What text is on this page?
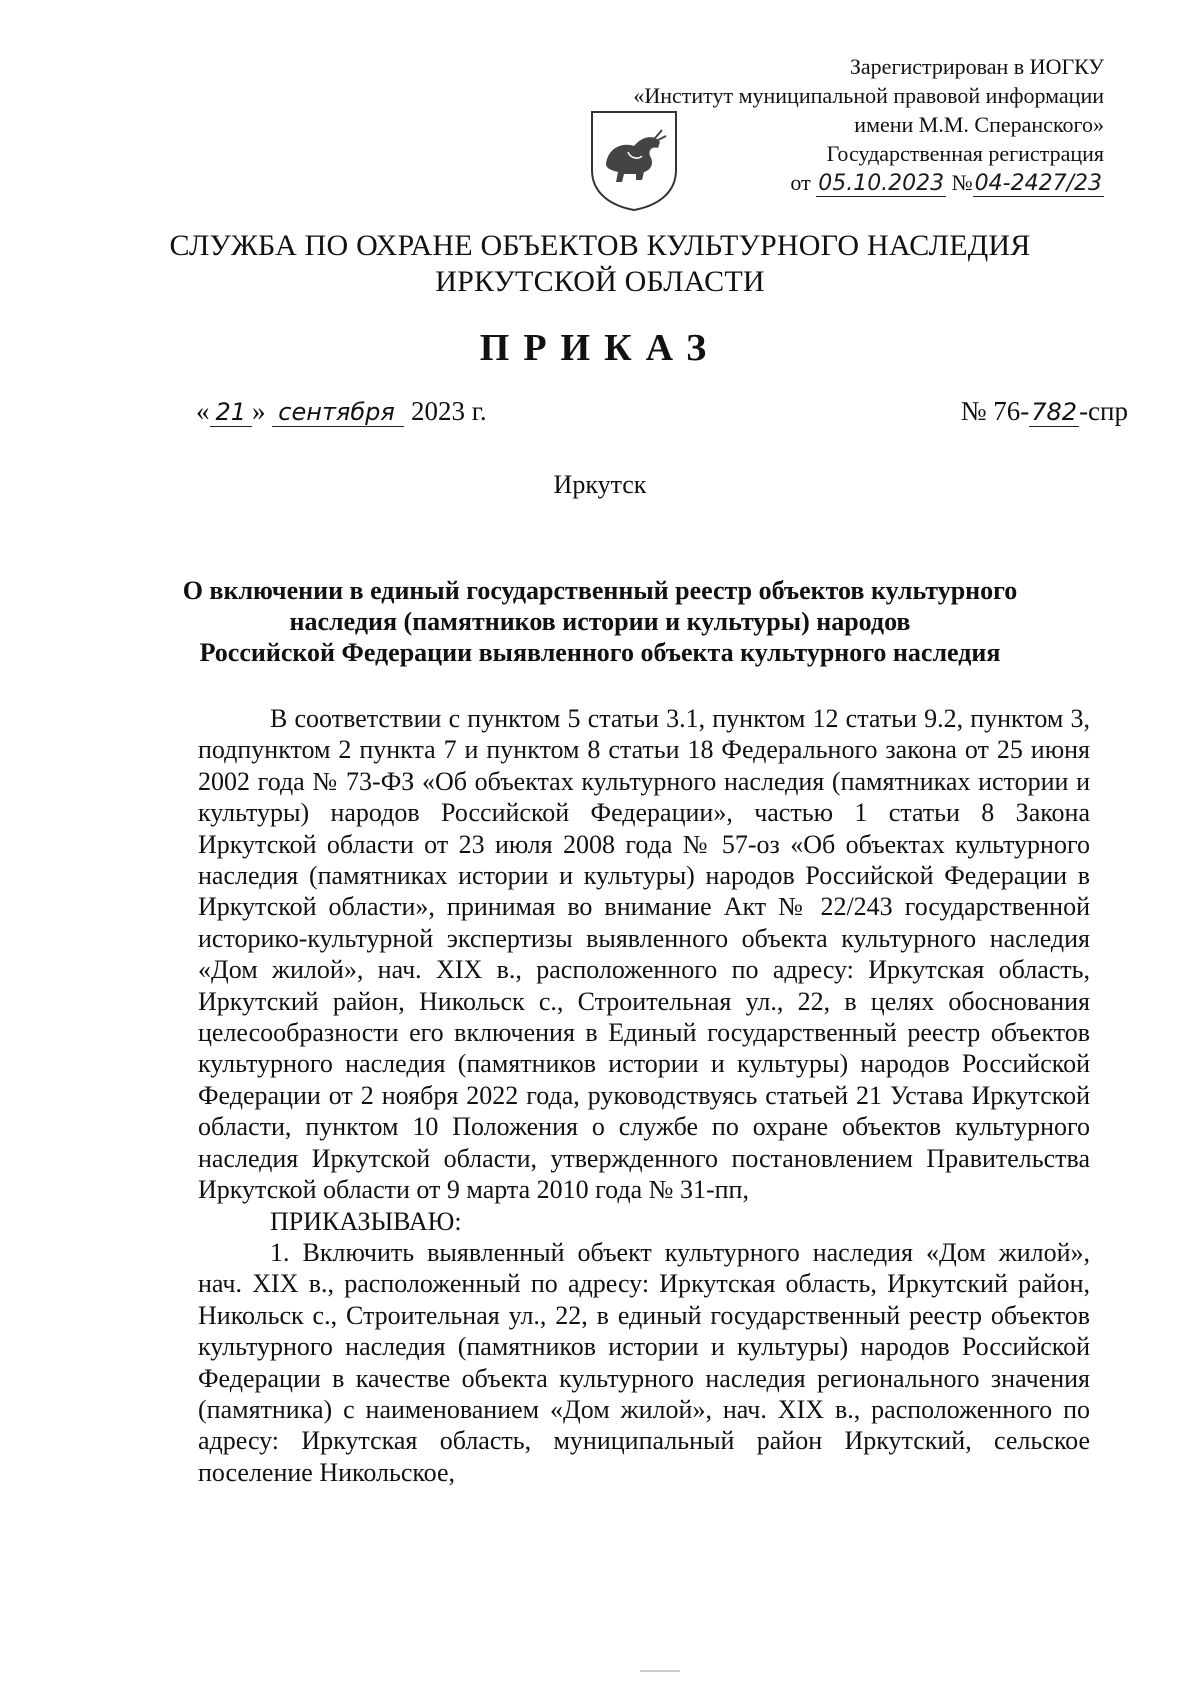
Зарегистрирован в ИОГКУ
«Институт муниципальной правовой информации
имени М.М. Сперанского»
Государственная регистрация
от 05.10.2023 №04-2427/23
СЛУЖБА ПО ОХРАНЕ ОБЪЕКТОВ КУЛЬТУРНОГО НАСЛЕДИЯ
ИРКУТСКОЙ ОБЛАСТИ
ПРИКАЗ
« 21 » сентября 2023 г.	№ 76-782-спр
Иркутск
О включении в единый государственный реестр объектов культурного
наследия (памятников истории и культуры) народов
Российской Федерации выявленного объекта культурного наследия

В соответствии с пунктом 5 статьи 3.1, пунктом 12 статьи 9.2, пунктом 3, подпунктом 2 пункта 7 и пунктом 8 статьи 18 Федерального закона от 25 июня 2002 года № 73-ФЗ «Об объектах культурного наследия (памятниках истории и культуры) народов Российской Федерации», частью 1 статьи 8 Закона Иркутской области от 23 июля 2008 года № 57-оз «Об объектах культурного наследия (памятниках истории и культуры) народов Российской Федерации в Иркутской области», принимая во внимание Акт № 22/243 государственной историко-культурной экспертизы выявленного объекта культурного наследия «Дом жилой», нач. XIX в., расположенного по адресу: Иркутская область, Иркутский район, Никольск с., Строительная ул., 22, в целях обоснования целесообразности его включения в Единый государственный реестр объектов культурного наследия (памятников истории и культуры) народов Российской Федерации от 2 ноября 2022 года, руководствуясь статьей 21 Устава Иркутской области, пунктом 10 Положения о службе по охране объектов культурного наследия Иркутской области, утвержденного постановлением Правительства Иркутской области от 9 марта 2010 года № 31-пп,

ПРИКАЗЫВАЮ:

1. Включить выявленный объект культурного наследия «Дом жилой», нач. XIX в., расположенный по адресу: Иркутская область, Иркутский район, Никольск с., Строительная ул., 22, в единый государственный реестр объектов культурного наследия (памятников истории и культуры) народов Российской Федерации в качестве объекта культурного наследия регионального значения (памятника) с наименованием «Дом жилой», нач. XIX в., расположенного по адресу: Иркутская область, муниципальный район Иркутский, сельское поселение Никольское,
